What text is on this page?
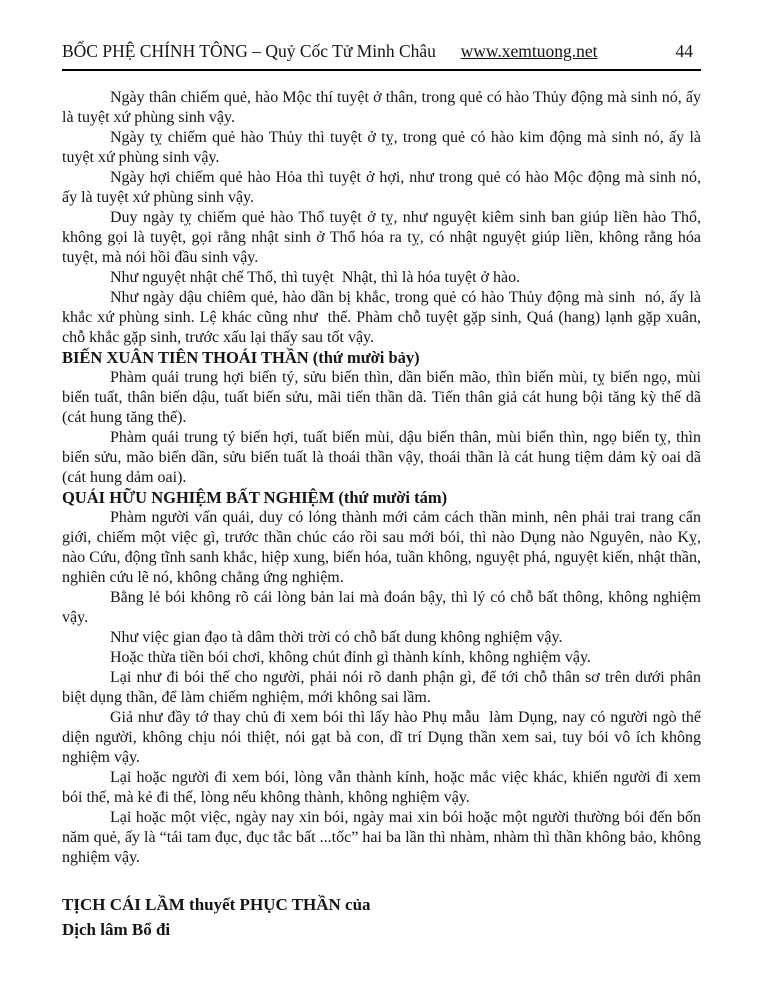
BỐC PHỆ CHÍNH TÔNG – Quỷ Cốc Tử Minh Châu	www.xemtuong.net	44

Ngày thân chiếm quẻ, hào Mộc thí tuyệt ở thân, trong quẻ có hào Thủy động mà sinh nó, ấy là tuyệt xứ phùng sinh vậy.

Ngày tỵ chiếm quẻ hào Thủy thì tuyệt ở tỵ, trong quẻ có hào kim động mà sinh nó, ấy là tuyệt xứ phùng sinh vậy.

Ngày hợi chiếm quẻ hào Hỏa thì tuyệt ở hợi, như trong quẻ có hào Mộc động mà sinh nó, ấy là tuyệt xứ phùng sinh vậy.

Duy ngày tỵ chiếm quẻ hào Thổ tuyệt ở tỵ, như nguyệt kiêm sinh ban giúp liền hào Thổ, không gọi là tuyệt, gọi rằng nhật sinh ở Thổ hóa ra tỵ, có nhật nguyệt giúp liền, không rằng hóa tuyệt, mà nói hồi đầu sinh vậy.

Như nguyệt nhật chế Thổ, thì tuyệt  Nhật, thì là hóa tuyệt ở hào.

Như ngày dậu chiêm quẻ, hào dần bị khắc, trong quẻ có hào Thủy động mà sinh  nó, ấy là khắc xứ phùng sinh. Lệ khác cũng như  thế. Phàm chỗ tuyệt gặp sinh, Quá (hang) lạnh gặp xuân, chỗ khắc gặp sinh, trước xấu lại thấy sau tốt vậy.

BIẾN XUÂN TIÊN THOÁI THẦN (thứ mười bảy)

Phàm quái trung hợi biến tý, sửu biến thìn, dần biến mão, thìn biến mùi, tỵ biến ngọ, mùi biến tuất, thân biến dậu, tuất biến sửu, mãi tiến thần dã. Tiến thân giả cát hung bội tăng kỳ thế dã (cát hung tăng thế).

Phàm quái trung tý biến hợi, tuất biến mùi, dậu biến thân, mùi biến thìn, ngọ biến tỵ, thìn biến sửu, mão biến dần, sửu biến tuất là thoái thần vậy, thoái thần là cát hung tiệm dảm kỳ oai dã (cát hung dảm oai).

QUÁI HỮU NGHIỆM BẤT NGHIỆM (thứ mười tám)

Phàm người vấn quái, duy có lóng thành mới cảm cách thần minh, nên phải trai trang cẩn giới, chiếm một việc gì, trước thần chúc cáo rồi sau mới bói, thì nào Dụng nào Nguyên, nào Kỵ, nào Cứu, động tĩnh sanh khắc, hiệp xung, biến hóa, tuần không, nguyệt phá, nguyệt kiến, nhật thần, nghiên cứu lẽ nó, không chẳng ứng nghiệm.

Bằng lẻ bói không rõ cái lòng bản lai mà đoán bậy, thì lý có chỗ bất thông, không nghiệm vậy.

Như việc gian đạo tà dâm thời trời có chỗ bất dung không nghiệm vậy.

Hoặc thừa tiền bói chơi, không chút đỉnh gì thành kính, không nghiệm vậy.

Lại như đi bói thế cho người, phải nói rõ danh phận gì, để tới chỗ thân sơ trên dưới phân biệt dụng thần, để làm chiếm nghiệm, mới không sai lầm.

Giả như đầy tớ thay chủ đi xem bói thì lấy hào Phụ mẫu  làm Dụng, nay có người ngò thể diện người, không chịu nói thiệt, nói gạt bà con, dĩ trí Dụng thần xem sai, tuy bói vô ích không nghiệm vậy.

Lại hoặc người đi xem bói, lòng vẫn thành kính, hoặc mắc việc khác, khiến người đi xem bói thế, mà kẻ đi thế, lòng nếu không thành, không nghiệm vậy.

Lại hoặc một việc, ngày nay xin bói, ngày mai xin bói hoặc một người thường bói đến bốn năm quẻ, ấy là “tái tam đục, đục tắc bất ...tốc” hai ba lần thì nhàm, nhàm thì thần không bảo, không nghiệm vậy.

TỊCH CÁI LẦM thuyết PHỤC THẦN của
Dịch lâm Bổ đi
